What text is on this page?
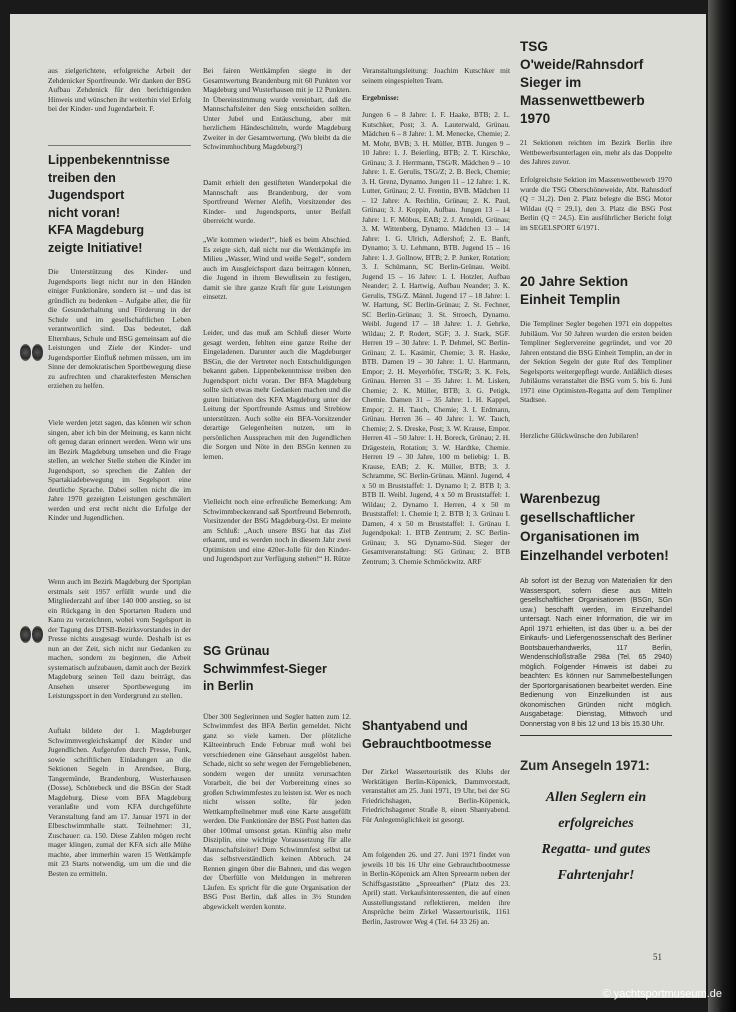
aus zielgerichtete, erfolgreiche Arbeit der Zehdenicker Sportfreunde. Wir danken der BSG Aufbau Zehdenick für den berichtigenden Hinweis und wünschen ihr weiterhin viel Erfolg bei der Kinder- und Jugendarbeit. F.

Lippenbekenntnisse
treiben den
Jugendsport
nicht voran!
KFA Magdeburg
zeigte Initiative!

Die Unterstützung des Kinder- und Jugendsports liegt nicht nur in den Händen einiger Funktionäre, sondern ist – und das ist gründlich zu bedenken – Aufgabe aller, die für die Gesunderhaltung und Förderung in der Schule und im gesellschaftlichen Leben verantwortlich sind. Das bedeutet, daß Elternhaus, Schule und BSG gemeinsam auf die Leistungen und Ziele der Kinder- und Jugendsportler Einfluß nehmen müssen, um im Sinne der demokratischen Sportbewegung diese zu aufrechten und charakterfesten Menschen erziehen zu helfen.

Viele werden jetzt sagen, das können wir schon singen, aber ich bin der Meinung, es kann nicht oft genug daran erinnert werden. Wenn wir uns im Bezirk Magdeburg umsehen und die Frage stellen, an welcher Stelle stehen die Kinder im Jugendsport, so sprechen die Zahlen der Spartakiadebewegung im Segelsport eine deutliche Sprache. Dabei sollen nicht die im Jahre 1970 gezeigten Leistungen geschmälert werden und erst recht nicht die Erfolge der Kinder und Jugendlichen.

Wenn auch im Bezirk Magdeburg der Sportplan erstmals seit 1957 erfüllt wurde und die Mitgliederzahl auf über 140 000 anstieg, so ist ein Rückgang in den Sportarten Rudern und Kanu zu verzeichnen, wobei vom Segelsport in der Tagung des DTSB-Bezirksvorstandes in der Presse nichts ausgesagt wurde. Deshalb ist es nun an der Zeit, sich nicht nur Gedanken zu machen, sondern zu beginnen, die Arbeit systematisch aufzubauen, damit auch der Bezirk Magdeburg seinen Teil dazu beiträgt, das Ansehen unserer Sportbewegung im Leistungssport in den Vordergrund zu stellen.

Auftakt bildete der 1. Magdeburger Schwimmvergleichskampf der Kinder und Jugendlichen. Aufgerufen durch Presse, Funk, sowie schriftlichen Einladungen an die Sektionen Segeln in Arendsee, Burg, Tangermünde, Brandenburg, Wusterhausen (Dosse), Schönebeck und die BSGn der Stadt Magdeburg. Diese vom BFA Magdeburg veranlaßte und vom KFA durchgeführte Veranstaltung fand am 17. Januar 1971 in der Elbeschwimmhalle statt. Teilnehmer: 31, Zuschauer: ca. 150. Diese Zahlen mögen recht mager klingen, zumal der KFA sich alle Mühe machte, aber immerhin waren 15 Wettkämpfe mit 23 Starts notwendig, um um die und die Besten zu ermitteln.

Bei fairen Wettkämpfen siegte in der Gesamtwertung Brandenburg mit 60 Punkten vor Magdeburg und Wusterhausen mit je 12 Punkten. In Übereinstimmung wurde vereinbart, daß die Mannschaftsleiter den Sieg entscheiden sollten. Unter Jubel und Entäuschung, aber mit herzlichem Händeschütteln, wurde Magdeburg Zweiter in der Gesamtwertung. (Wo bleibt da die Schwimmhochburg Magdeburg?)

Damit erhielt den gestifteten Wanderpokal die Mannschaft aus Brandenburg, der vom Sportfreund Werner Alefih, Vorsitzender des Kinder- und Jugendsports, unter Beifall überreicht wurde.

„Wir kommen wieder!“, hieß es beim Abschied. Es zeigte sich, daß nicht nur die Wettkämpfe im Milieu „Wasser, Wind und weiße Segel“, sondern auch im Ausgleichsport dazu beitragen können, die Jugend in ihrem Bewußtsein zu festigen, damit sie ihre ganze Kraft für gute Leistungen einsetzt.

Leider, und das muß am Schluß dieser Worte gesagt werden, fehlten eine ganze Reihe der Eingeladenen. Darunter auch die Magdeburger BSGn, die der Vertreter noch Entschuldigungen bekannt gaben. Lippenbekenntnisse treiben den Jugendsport nicht voran. Der BFA Magdeburg sollte sich etwas mehr Gedanken machen und die guten Initiativen des KFA Magdeburg unter der Leitung der Sportfreunde Asmus und Strebiow unterstützen. Auch sollte ein BFA-Vorsitzender derartige Gelegenheiten nutzen, um in persönlichen Aussprachen mit den Jugendlichen die Sorgen und Nöte in den BSGn kennen zu lernen.

Vielleicht noch eine erfreuliche Bemerkung: Am Schwimmbeckenrand saß Sportfreund Bebenroth, Vorsitzender der BSG Magdeburg-Ost. Er meinte am Schluß: „Auch unsere BSG hat das Ziel erkannt, und es werden noch in diesem Jahr zwei Optimisten und eine 420er-Jolle für den Kinder- und Jugendsport zur Verfügung stehen!“ H. Rütze

SG Grünau
Schwimmfest-Sieger
in Berlin

Über 300 Seglerinnen und Segler hatten zum 12. Schwimmfest des BFA Berlin gemeldet. Nicht ganz so viele kamen. Der plötzliche Kälteeinbruch Ende Februar muß wohl bei verschiedenen eine Gänsehaut ausgelöst haben. Schade, nicht so sehr wegen der Ferngebliebenen, sondern wegen der unnütz verursachten Vorarbeit, die bei der Vorbereitung eines so großen Schwimmfestes zu leisten ist. Wer es noch nicht wissen sollte, für jeden Wettkampfteilnehmer muß eine Karte ausgefüllt werden. Die Funktionäre der BSG Post hatten das über 100mal umsonst getan. Künftig also mehr Disziplin, eine wichtige Voraussetzung für alle Mannschaftsleiter! Dem Schwimmfest selbst tat das selbstverständlich keinen Abbruch. 24 Rennen gingen über die Bahnen, und das wegen der Überfülle von Meldungen in mehreren Läufen. Es spricht für die gute Organisation der BSG Post Berlin, daß alles in 3½ Stunden abgewickelt werden konnte.

Veranstaltungsleitung: Joachim Kutschker mit seinem eingespielten Team.

Ergebnisse:

Jungen 6 – 8 Jahre: 1. F. Haake, BTB; 2. L. Kutschker, Post; 3. A. Lauterwald, Grünau. Mädchen 6 – 8 Jahre: 1. M. Menecke, Chemie; 2. M. Mohr, BVB; 3. H. Müller, BTB. Jungen 9 – 10 Jahre: 1. J. Beierling, BTB; 2. T. Kirschke, Grünau; 3. J. Herrmann, TSG/R. Mädchen 9 – 10 Jahre: 1. E. Gerulis, TSG/Z; 2. B. Beck, Chemie; 3. H. Grenz, Dynamo. Jungen 11 – 12 Jahre: 1. K. Lutter, Grünau; 2. U. Frentin, BVB. Mädchen 11 – 12 Jahre: A. Rechlin, Grünau; 2. K. Paul, Grünau; 3. J. Koppin, Aufbau. Jungen 13 – 14 Jahre: 1. F. Möbus, EAB; 2. J. Arnoldi, Grünau; 3. M. Wittenberg, Dynamo. Mädchen 13 – 14 Jahre: 1. G. Ulrich, Adlershof; 2. E. Banft, Dynamo; 3. U. Lehmann, BTB. Jugend 15 – 16 Jahre: 1. J. Gollnow, BTB; 2. P. Junker, Rotation; 3. J. Schümann, SC Berlin-Grünau. Weibl. Jugend 15 – 16 Jahre: 1. I. Hotzler, Aufbau Neander; 2. I. Hartwig, Aufbau Neander; 3. K. Gerulis, TSG/Z. Männl. Jugend 17 – 18 Jahre: 1. W. Hartung, SC Berlin-Grünau; 2. St. Fechner, SC Berlin-Grünau; 3. St. Stroech, Dynamo. Weibl. Jugend 17 – 18 Jahre: 1. J. Gehrke, Wildau; 2. P. Rodert, SGF; 3. J. Stark, SGF. Herren 19 – 30 Jahre: 1. P. Dehmel, SC Berlin-Grünau; 2. L. Kasimir, Chemie; 3. R. Haske, BTB. Damen 19 – 30 Jahre: 1. U. Hartmann, Empor; 2. H. Meyerhöfer, TSG/R; 3. K. Fels, Grünau. Herren 31 – 35 Jahre: 1. M. Lisken, Chemie; 2. K. Müller, BTB; 3. G. Petigk, Chemie. Damen 31 – 35 Jahre: 1. H. Kappel, Empor; 2. H. Tauch, Chemie; 3. I. Erdmann, Grünau. Herren 36 – 40 Jahre: 1. W. Tauch, Chemie; 2. S. Dreske, Post; 3. W. Krause, Empor. Herren 41 – 50 Jahre: 1. H. Boreck, Grünau; 2. H. Drägestein, Rotation; 3. W. Hardtke, Chemie. Herren 19 – 30 Jahre, 100 m beliebig: 1. B. Krause, EAB; 2. K. Müller, BTB; 3. J. Schramme, SC Berlin-Grünau. Männl. Jugend, 4 x 50 m Bruststaffel: 1. Dynamo I; 2. BTB I; 3. BTB II. Weibl. Jugend, 4 x 50 m Bruststaffel: 1. Wildau; 2. Dynamo I. Herren, 4 x 50 m Bruststaffel: 1. Chemie I; 2. BTB I; 3. Grünau I. Damen, 4 x 50 m Bruststaffel: 1. Grünau I. Jugendpokal: 1. BTB Zentrum; 2. SC Berlin-Grünau; 3. SG Dynamo-Süd. Sieger der Gesamtveranstaltung: SG Grünau; 2. BTB Zentrum; 3. Chemie Schmöckwitz. ARF

Shantyabend und
Gebrauchtbootmesse

Der Zirkel Wassertouristik des Klubs der Werktätigen Berlin-Köpenick, Dammvorstadt, veranstaltet am 25. Juni 1971, 19 Uhr, bei der SG Friedrichshagen, Berlin-Köpenick, Friedrichshagener Straße 8, einen Shantyabend. Für Anlegemöglichkeit ist gesorgt.

Am folgenden 26. und 27. Juni 1971 findet von jeweils 10 bis 16 Uhr eine Gebrauchtbootmesse in Berlin-Köpenick am Alten Spreearm neben der Schiffsgaststätte „Spreeathen“ (Platz des 23. April) statt. Verkaufsinteressenten, die auf einen Ausstellungsstand reflektieren, melden ihre Ansprüche beim Zirkel Wassertouristik, 1161 Berlin, Jastrower Weg 4 (Tel. 64 33 26) an.

TSG O'weide/Rahnsdorf Sieger im Massenwettbewerb 1970

21 Sektionen reichten im Bezirk Berlin ihre Wettbewerbsunterlagen ein, mehr als das Doppelte des Jahres zuvor.

Erfolgreichste Sektion im Massenwettbewerb 1970 wurde die TSG Oberschöneweide, Abt. Rahnsdorf (Q = 31,2). Den 2. Platz belegte die BSG Motor Wildau (Q = 29,1), den 3. Platz die BSG Post Berlin (Q = 24,5). Ein ausführlicher Bericht folgt im SEGELSPORT 6/1971.

20 Jahre Sektion Einheit Templin

Die Templiner Segler begehen 1971 ein doppeltes Jubiläum. Vor 50 Jahren wurden die ersten beiden Templiner Seglervereine gegründet, und vor 20 Jahren entstand die BSG Einheit Templin, an der in der Sektion Segeln der gute Ruf des Templiner Segelsports weitergepflegt wurde. Anläßlich dieses Jubiläums veranstaltet die BSG vom 5. bis 6. Juni 1971 eine Optimisten-Regatta auf dem Templiner Stadtsee.

Herzliche Glückwünsche den Jubilaren!

Warenbezug gesellschaftlicher Organisationen im Einzelhandel verboten!

Ab sofort ist der Bezug von Materialien für den Wassersport, sofern diese aus Mitteln gesellschaftlicher Organisationen (BSGn, SGn usw.) beschafft werden, im Einzelhandel untersagt. Nach einer Information, die wir im April 1971 erhielten, ist das über u. a. bei der Einkaufs- und Liefergenossenschaft des Berliner Bootsbauerhandwerks, 117 Berlin, Wendenschloßstraße 298a (Tel. 65 2940) möglich. Folgender Hinweis ist dabei zu beachten: Es können nur Sammelbestellungen der Sportorganisationen bearbeitet werden. Eine Bedienung von Einzelkunden ist aus ökonomischen Gründen nicht möglich. Ausgabetage: Dienstag, Mittwoch und Donnerstag von 8 bis 12 und 13 bis 15.30 Uhr.

Zum Ansegeln 1971:
Allen Seglern ein
erfolgreiches
Regatta- und gutes
Fahrtenjahr!
51
© yachtsportmuseum.de
